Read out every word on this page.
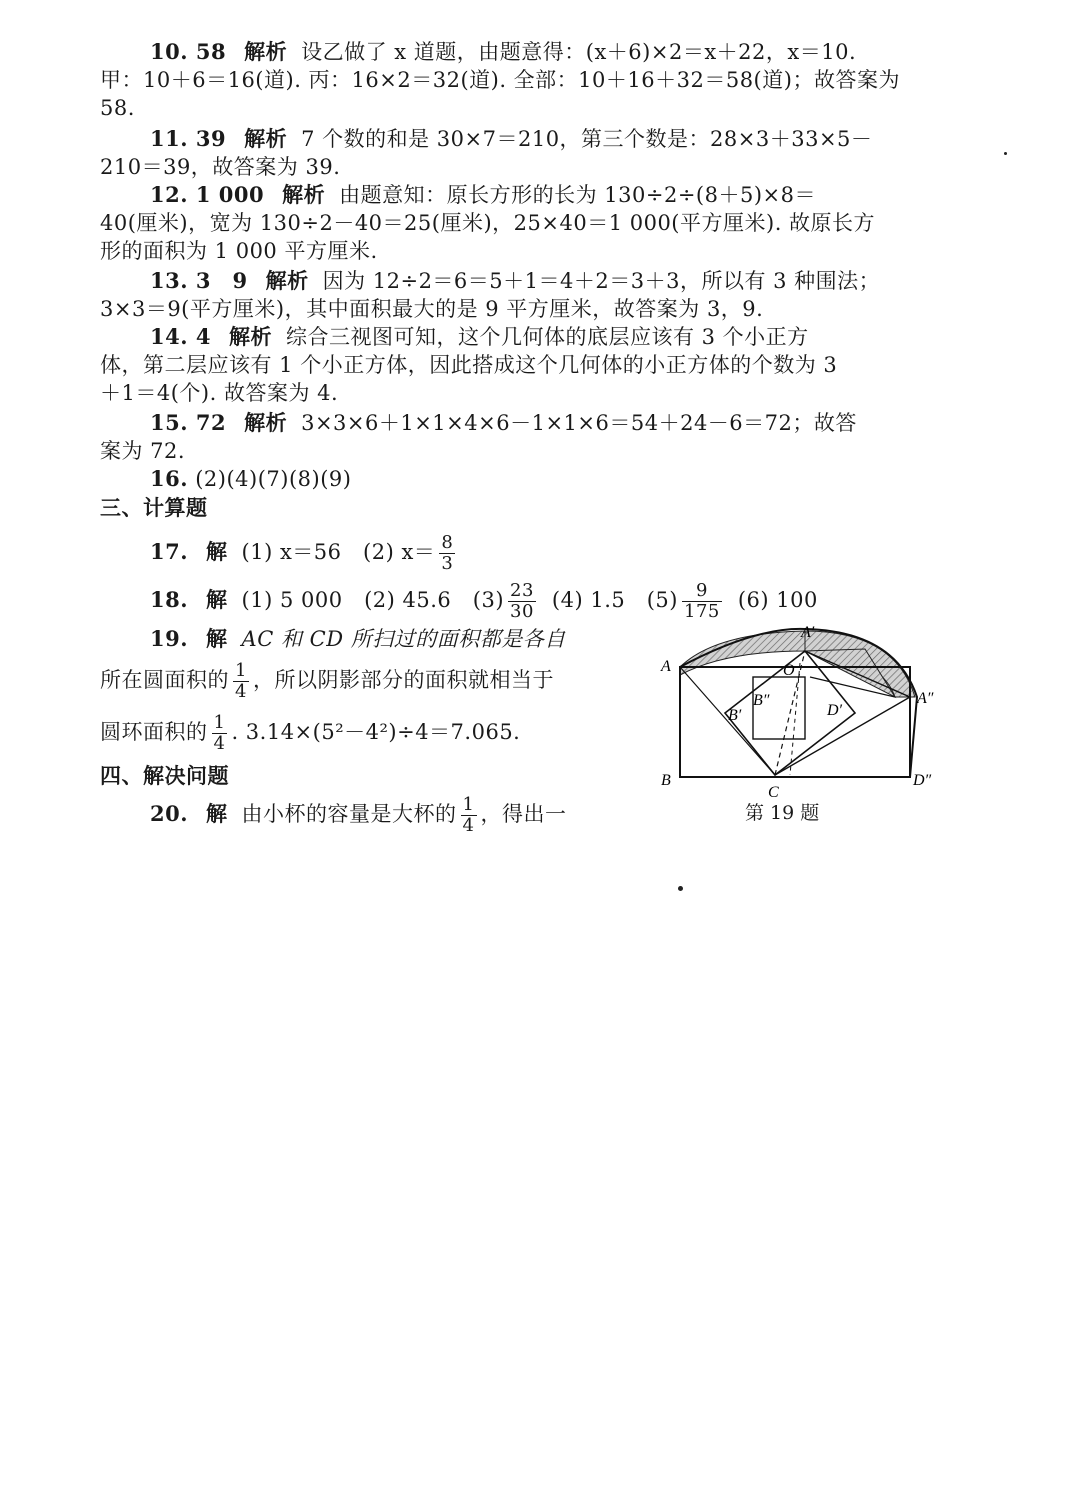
10. 58 解析 设乙做了 x 道题，由题意得：(x＋6)×2＝x＋22，x＝10.
甲：10＋6＝16(道). 丙：16×2＝32(道). 全部：10＋16＋32＝58(道)；故答案为
58.
11. 39 解析 7 个数的和是 30×7＝210，第三个数是：28×3＋33×5－
210＝39，故答案为 39.
12. 1 000 解析 由题意知：原长方形的长为 130÷2÷(8＋5)×8＝
40(厘米)，宽为 130÷2－40＝25(厘米)，25×40＝1 000(平方厘米). 故原长方
形的面积为 1 000 平方厘米.
13. 3　9 解析 因为 12÷2＝6＝5＋1＝4＋2＝3＋3，所以有 3 种围法；
3×3＝9(平方厘米)，其中面积最大的是 9 平方厘米，故答案为 3，9.
14. 4 解析 综合三视图可知，这个几何体的底层应该有 3 个小正方
体，第二层应该有 1 个小正方体，因此搭成这个几何体的小正方体的个数为 3
＋1＝4(个). 故答案为 4.
15. 72 解析 3×3×6＋1×1×4×6－1×1×6＝54＋24－6＝72；故答
案为 72.
16. (2)(4)(7)(8)(9)
三、计算题
17. 解 (1) x＝56　(2) $x= \frac{8}{3}$
18. 解 (1) 5 000　(2) 45.6　$(3) \frac{23}{30} (4)$ 1.5　$(5) \frac{9}{175} (6)$ 100
19. 解 AC 和 CD 所扫过的面积都是各自
所在圆面积的 $\frac{1}{4}$ ，所以阴影部分的面积就相当于
圆环面积的 $\frac{1}{4}$ . 3.14×(5²－4²)÷4＝7.065.
四、解决问题
20. 解 由小杯的容量是大杯的 $\frac{1}{4}$ ，得出一
A
B
C
D″
A′
A″
B′
B″
D′
O
第 19 题
